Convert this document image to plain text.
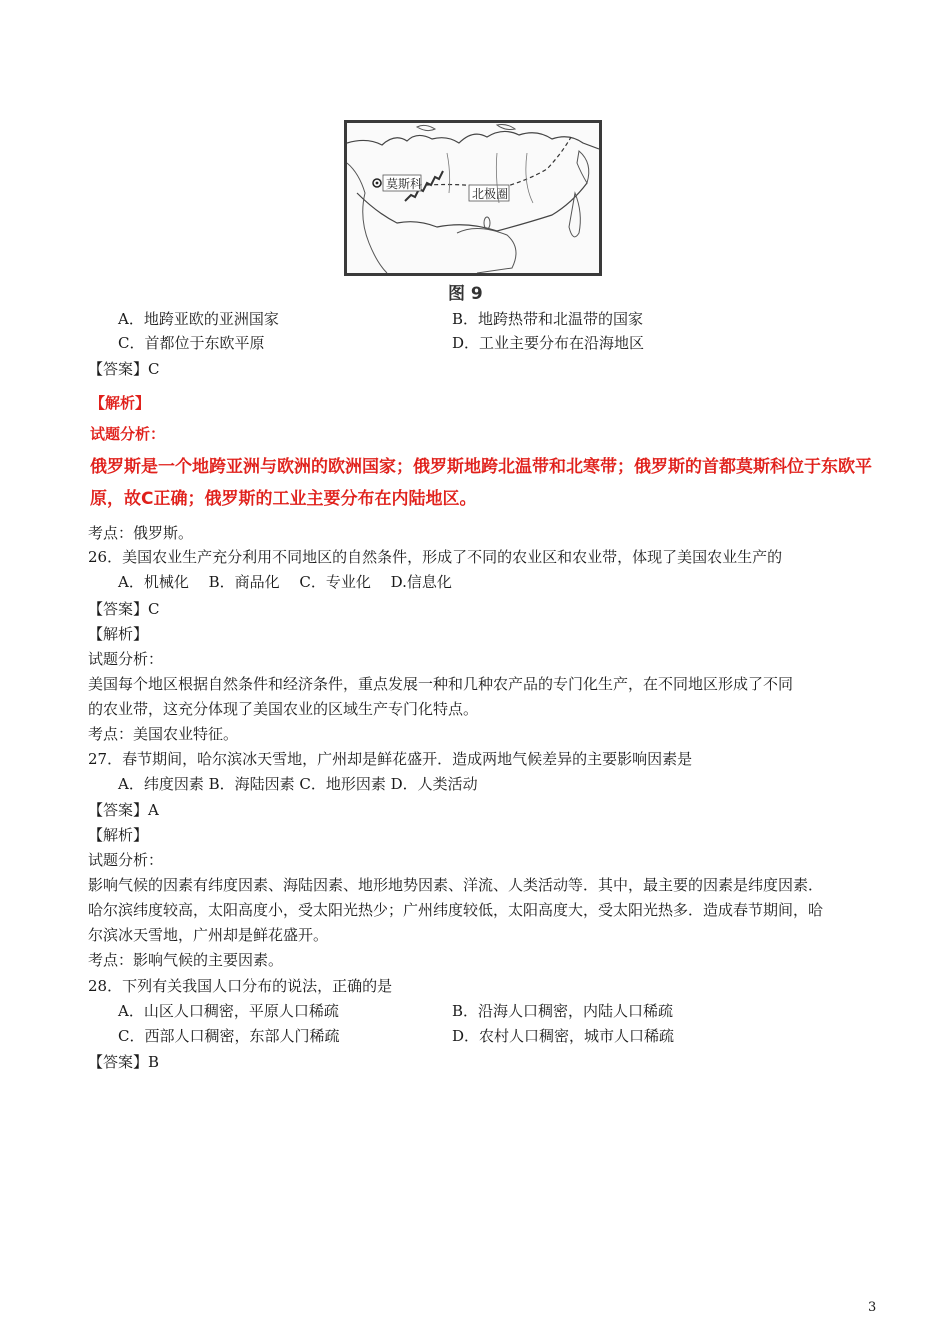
莫斯科
北极圈
图 9
A．地跨亚欧的亚洲国家	B．地跨热带和北温带的国家
C．首都位于东欧平原	D．工业主要分布在沿海地区
【答案】C
【解析】
试题分析：
俄罗斯是一个地跨亚洲与欧洲的欧洲国家；俄罗斯地跨北温带和北寒带；俄罗斯的首都莫斯科位于东欧平
原，故C正确；俄罗斯的工业主要分布在内陆地区。
考点：俄罗斯。
26．美国农业生产充分利用不同地区的自然条件，形成了不同的农业区和农业带，体现了美国农业生产的
A．机械化　 B．商品化　 C．专业化　 D.信息化
【答案】C
【解析】
试题分析：
美国每个地区根据自然条件和经济条件，重点发展一种和几种农产品的专门化生产，在不同地区形成了不同
的农业带，这充分体现了美国农业的区域生产专门化特点。
考点：美国农业特征。
27．春节期间，哈尔滨冰天雪地，广州却是鲜花盛开．造成两地气候差异的主要影响因素是
A．纬度因素 B．海陆因素 C．地形因素 D．人类活动
【答案】A
【解析】
试题分析：
影响气候的因素有纬度因素、海陆因素、地形地势因素、洋流、人类活动等．其中，最主要的因素是纬度因素．
哈尔滨纬度较高，太阳高度小，受太阳光热少；广州纬度较低，太阳高度大，受太阳光热多．造成春节期间，哈
尔滨冰天雪地，广州却是鲜花盛开。
考点：影响气候的主要因素。
28．下列有关我国人口分布的说法，正确的是
A．山区人口稠密，平原人口稀疏	B．沿海人口稠密，内陆人口稀疏
C．西部人口稠密，东部人门稀疏	D．农村人口稠密，城市人口稀疏
【答案】B
3
